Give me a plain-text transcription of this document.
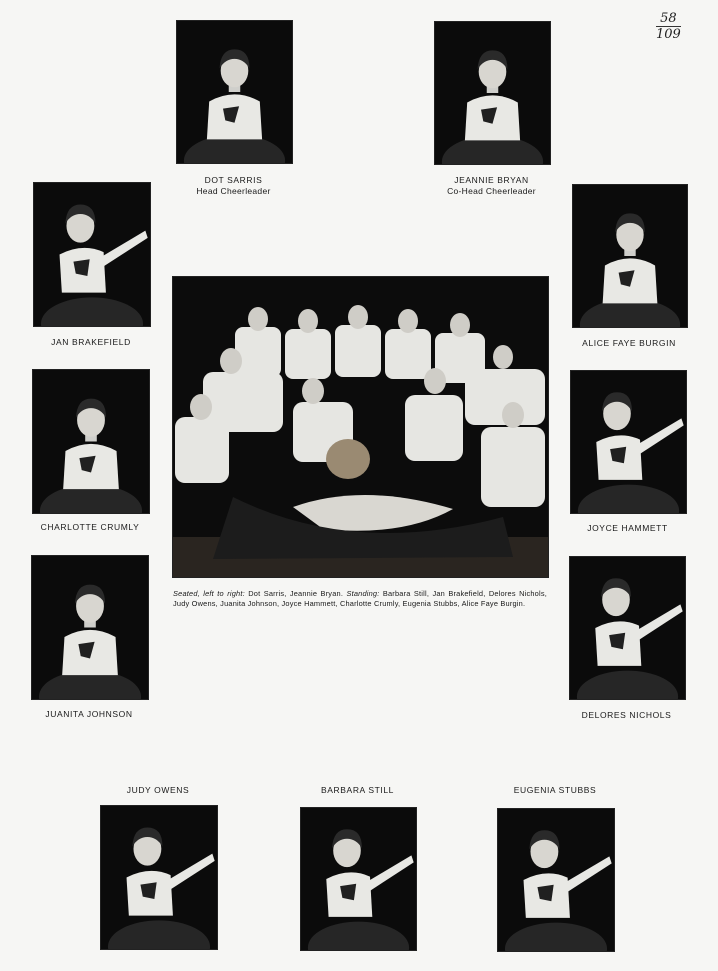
58
109
DOT SARRIS
Head Cheerleader
JEANNIE BRYAN
Co-Head Cheerleader
JAN BRAKEFIELD	ALICE FAYE BURGIN
Seated, left to right: Dot Sarris, Jeannie Bryan. Standing: Barbara Still, Jan Brakefield, Delores Nichols, Judy Owens, Juanita Johnson, Joyce Hammett, Charlotte Crumly, Eugenia Stubbs, Alice Faye Burgin.
CHARLOTTE CRUMLY	JOYCE HAMMETT
JUANITA JOHNSON	DELORES NICHOLS
JUDY OWENS	BARBARA STILL	EUGENIA STUBBS
